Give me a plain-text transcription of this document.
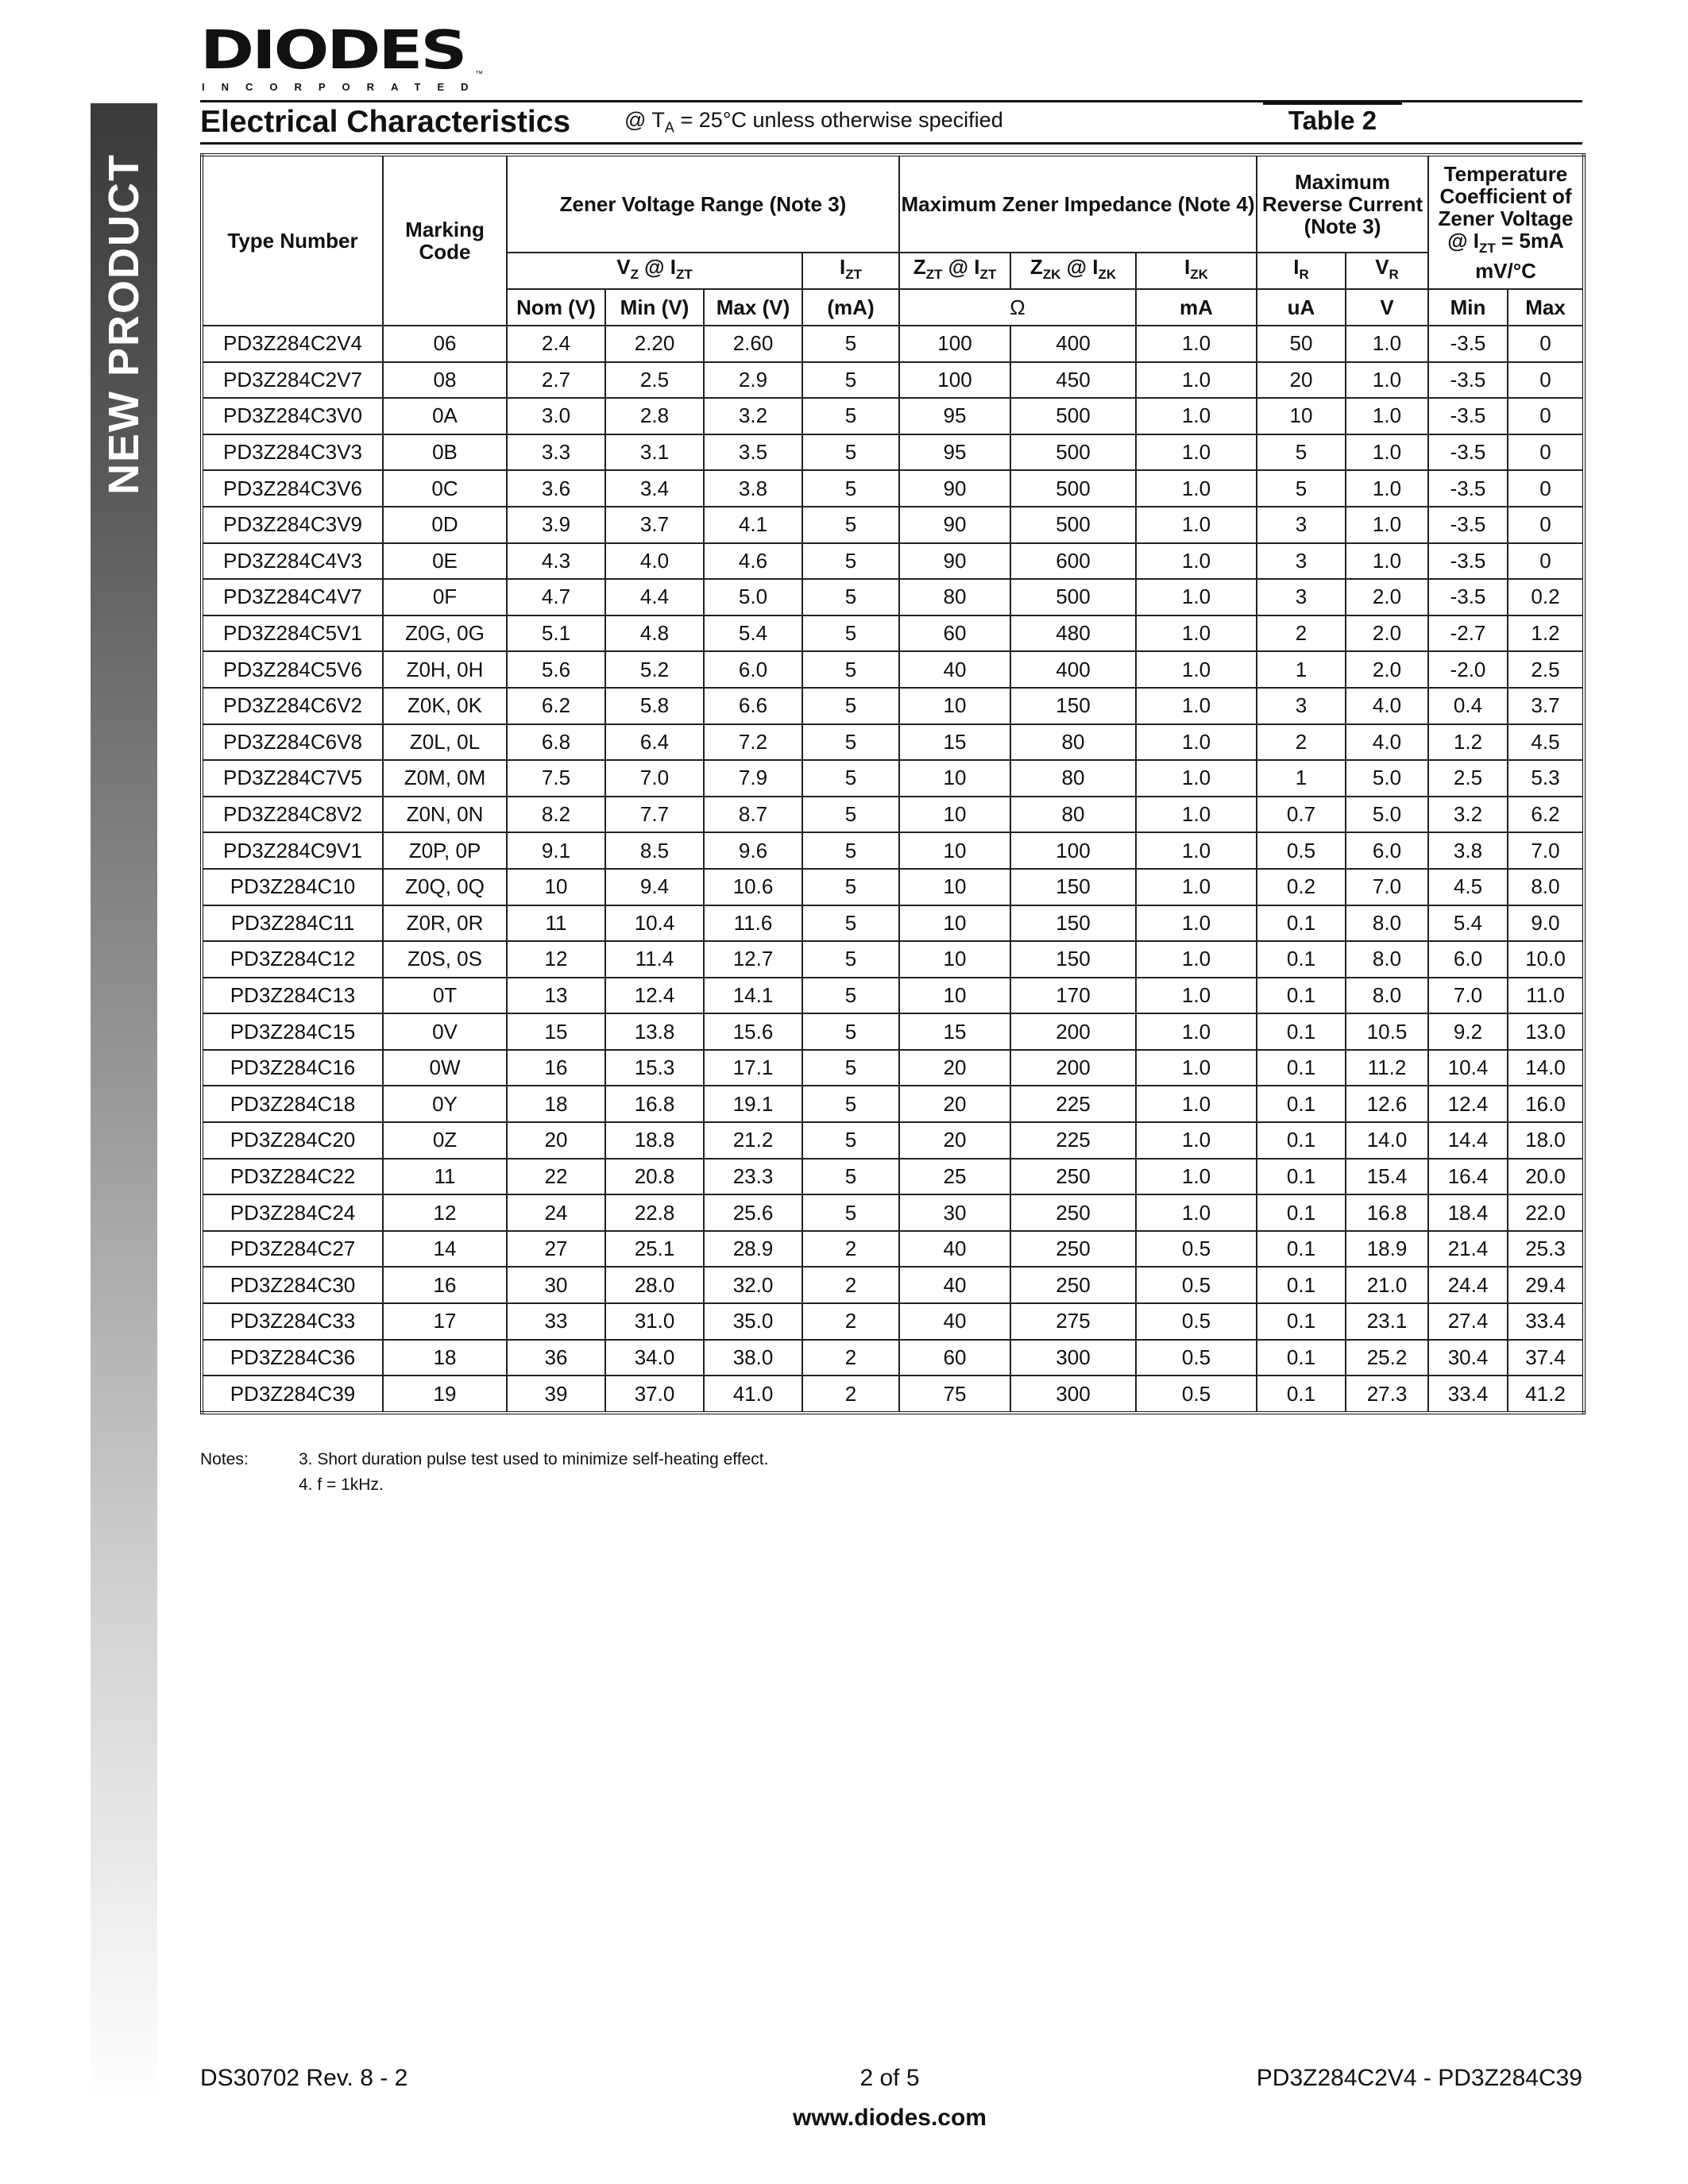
NEW PRODUCT
DIODES
INCORPORATED
™
Electrical Characteristics	@ $T_A = 25^\circ C$ unless otherwise specified	Table 2
Type Number	Marking Code	Zener Voltage Range (Note 3)				Maximum Zener Impedance (Note 4)			Maximum Reverse Current (Note 3)		Temperature Coefficient of Zener Voltage
@ $I_{ZT} = 5mA$
mV/°C	
		$V_Z$ @ $I_{ZT}$			$I_{ZT}$	$Z_{ZT}$ @ $I_{ZT}$	$Z_{ZK}$ @ $I_{ZK}$	$I_{ZK}$	$I_R$	$V_R$
		Nom (V)	Min (V)	Max (V)	(mA)	Ω		mA	uA	V	Min	Max
PD3Z284C2V4	06	2.4	2.20	2.60	5	100	400	1.0	50	1.0	-3.5	0
PD3Z284C2V7	08	2.7	2.5	2.9	5	100	450	1.0	20	1.0	-3.5	0
PD3Z284C3V0	0A	3.0	2.8	3.2	5	95	500	1.0	10	1.0	-3.5	0
PD3Z284C3V3	0B	3.3	3.1	3.5	5	95	500	1.0	5	1.0	-3.5	0
PD3Z284C3V6	0C	3.6	3.4	3.8	5	90	500	1.0	5	1.0	-3.5	0
PD3Z284C3V9	0D	3.9	3.7	4.1	5	90	500	1.0	3	1.0	-3.5	0
PD3Z284C4V3	0E	4.3	4.0	4.6	5	90	600	1.0	3	1.0	-3.5	0
PD3Z284C4V7	0F	4.7	4.4	5.0	5	80	500	1.0	3	2.0	-3.5	0.2
PD3Z284C5V1	Z0G, 0G	5.1	4.8	5.4	5	60	480	1.0	2	2.0	-2.7	1.2
PD3Z284C5V6	Z0H, 0H	5.6	5.2	6.0	5	40	400	1.0	1	2.0	-2.0	2.5
PD3Z284C6V2	Z0K, 0K	6.2	5.8	6.6	5	10	150	1.0	3	4.0	0.4	3.7
PD3Z284C6V8	Z0L, 0L	6.8	6.4	7.2	5	15	80	1.0	2	4.0	1.2	4.5
PD3Z284C7V5	Z0M, 0M	7.5	7.0	7.9	5	10	80	1.0	1	5.0	2.5	5.3
PD3Z284C8V2	Z0N, 0N	8.2	7.7	8.7	5	10	80	1.0	0.7	5.0	3.2	6.2
PD3Z284C9V1	Z0P, 0P	9.1	8.5	9.6	5	10	100	1.0	0.5	6.0	3.8	7.0
PD3Z284C10	Z0Q, 0Q	10	9.4	10.6	5	10	150	1.0	0.2	7.0	4.5	8.0
PD3Z284C11	Z0R, 0R	11	10.4	11.6	5	10	150	1.0	0.1	8.0	5.4	9.0
PD3Z284C12	Z0S, 0S	12	11.4	12.7	5	10	150	1.0	0.1	8.0	6.0	10.0
PD3Z284C13	0T	13	12.4	14.1	5	10	170	1.0	0.1	8.0	7.0	11.0
PD3Z284C15	0V	15	13.8	15.6	5	15	200	1.0	0.1	10.5	9.2	13.0
PD3Z284C16	0W	16	15.3	17.1	5	20	200	1.0	0.1	11.2	10.4	14.0
PD3Z284C18	0Y	18	16.8	19.1	5	20	225	1.0	0.1	12.6	12.4	16.0
PD3Z284C20	0Z	20	18.8	21.2	5	20	225	1.0	0.1	14.0	14.4	18.0
PD3Z284C22	11	22	20.8	23.3	5	25	250	1.0	0.1	15.4	16.4	20.0
PD3Z284C24	12	24	22.8	25.6	5	30	250	1.0	0.1	16.8	18.4	22.0
PD3Z284C27	14	27	25.1	28.9	2	40	250	0.5	0.1	18.9	21.4	25.3
PD3Z284C30	16	30	28.0	32.0	2	40	250	0.5	0.1	21.0	24.4	29.4
PD3Z284C33	17	33	31.0	35.0	2	40	275	0.5	0.1	23.1	27.4	33.4
PD3Z284C36	18	36	34.0	38.0	2	60	300	0.5	0.1	25.2	30.4	37.4
PD3Z284C39	19	39	37.0	41.0	2	75	300	0.5	0.1	27.3	33.4	41.2
Notes:	3. Short duration pulse test used to minimize self-heating effect.
4. f = 1kHz.
DS30702 Rev. 8 - 2	2 of 5	PD3Z284C2V4 - PD3Z284C39
www.diodes.com
